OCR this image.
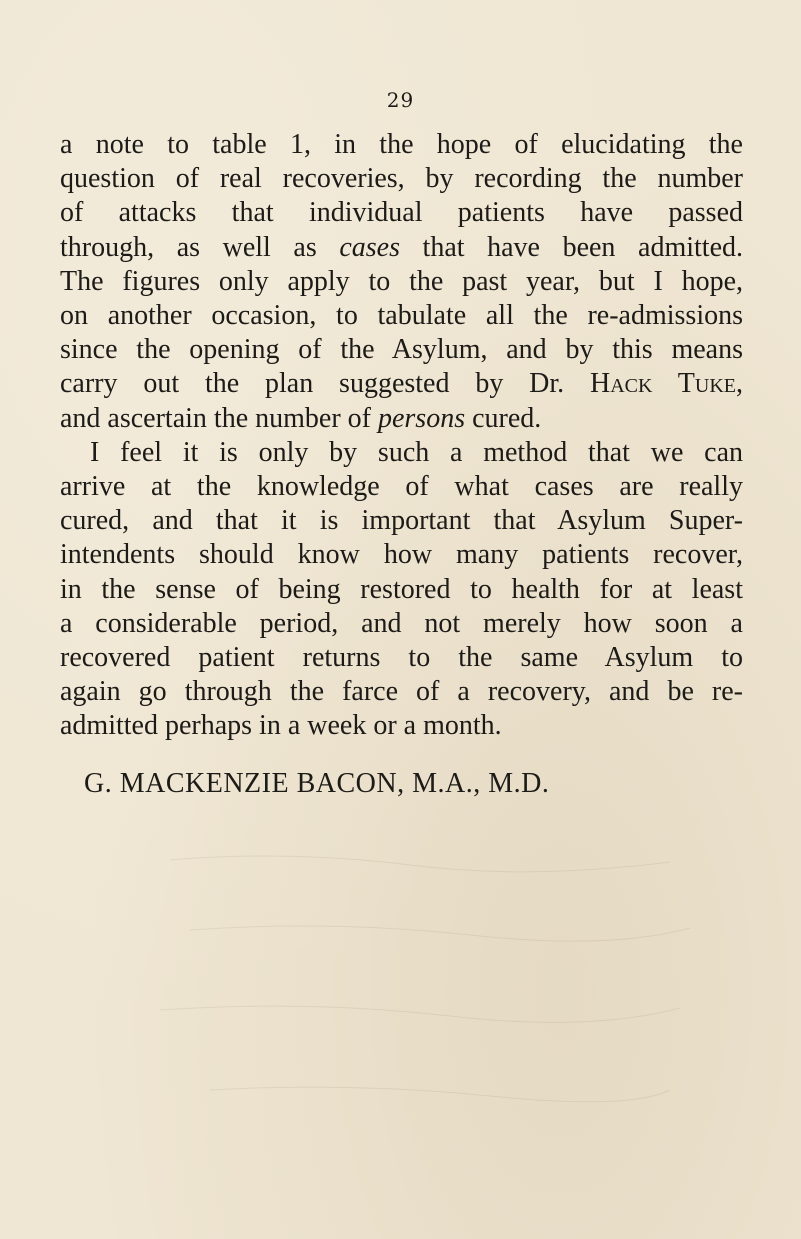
29
a note to table 1, in the hope of elucidating the
question of real recoveries, by recording the number
of attacks that individual patients have passed
through, as well as cases that have been admitted.
The figures only apply to the past year, but I hope,
on another occasion, to tabulate all the re-admissions
since the opening of the Asylum, and by this means
carry out the plan suggested by Dr. Hack Tuke,
and ascertain the number of persons cured.
I feel it is only by such a method that we can
arrive at the knowledge of what cases are really
cured, and that it is important that Asylum Super-
intendents should know how many patients recover,
in the sense of being restored to health for at least
a considerable period, and not merely how soon a
recovered patient returns to the same Asylum to
again go through the farce of a recovery, and be re-
admitted perhaps in a week or a month.
G. MACKENZIE BACON, M.A., M.D.
